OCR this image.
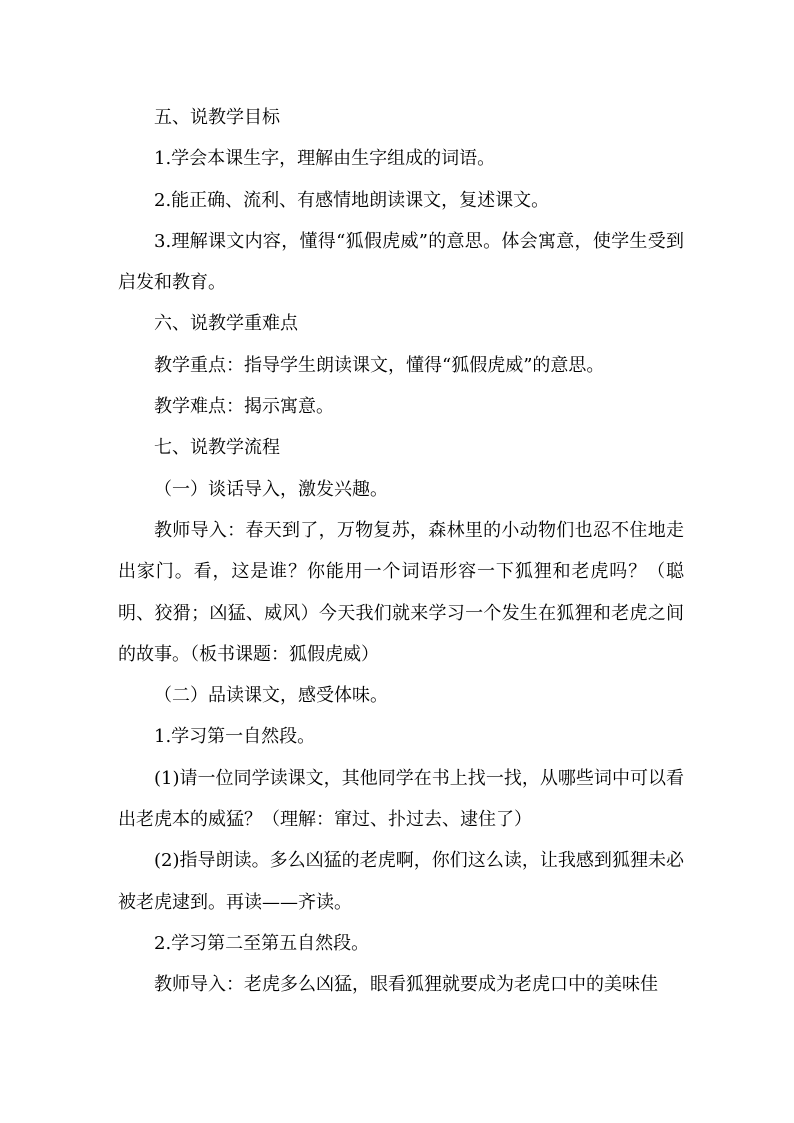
五、说教学目标

1.学会本课生字，理解由生字组成的词语。

2.能正确、流利、有感情地朗读课文，复述课文。

3.理解课文内容，懂得“狐假虎威”的意思。体会寓意，使学生受到启发和教育。

六、说教学重难点

教学重点：指导学生朗读课文，懂得“狐假虎威”的意思。

教学难点：揭示寓意。

七、说教学流程

（一）谈话导入，激发兴趣。

教师导入：春天到了，万物复苏，森林里的小动物们也忍不住地走出家门。看，这是谁？你能用一个词语形容一下狐狸和老虎吗？（聪明、狡猾；凶猛、威风）今天我们就来学习一个发生在狐狸和老虎之间的故事。（板书课题：狐假虎威）

（二）品读课文，感受体味。

1.学习第一自然段。

(1)请一位同学读课文，其他同学在书上找一找，从哪些词中可以看出老虎本的威猛？（理解：窜过、扑过去、逮住了）

(2)指导朗读。多么凶猛的老虎啊，你们这么读，让我感到狐狸未必被老虎逮到。再读——齐读。

2.学习第二至第五自然段。

教师导入：老虎多么凶猛，眼看狐狸就要成为老虎口中的美味佳
